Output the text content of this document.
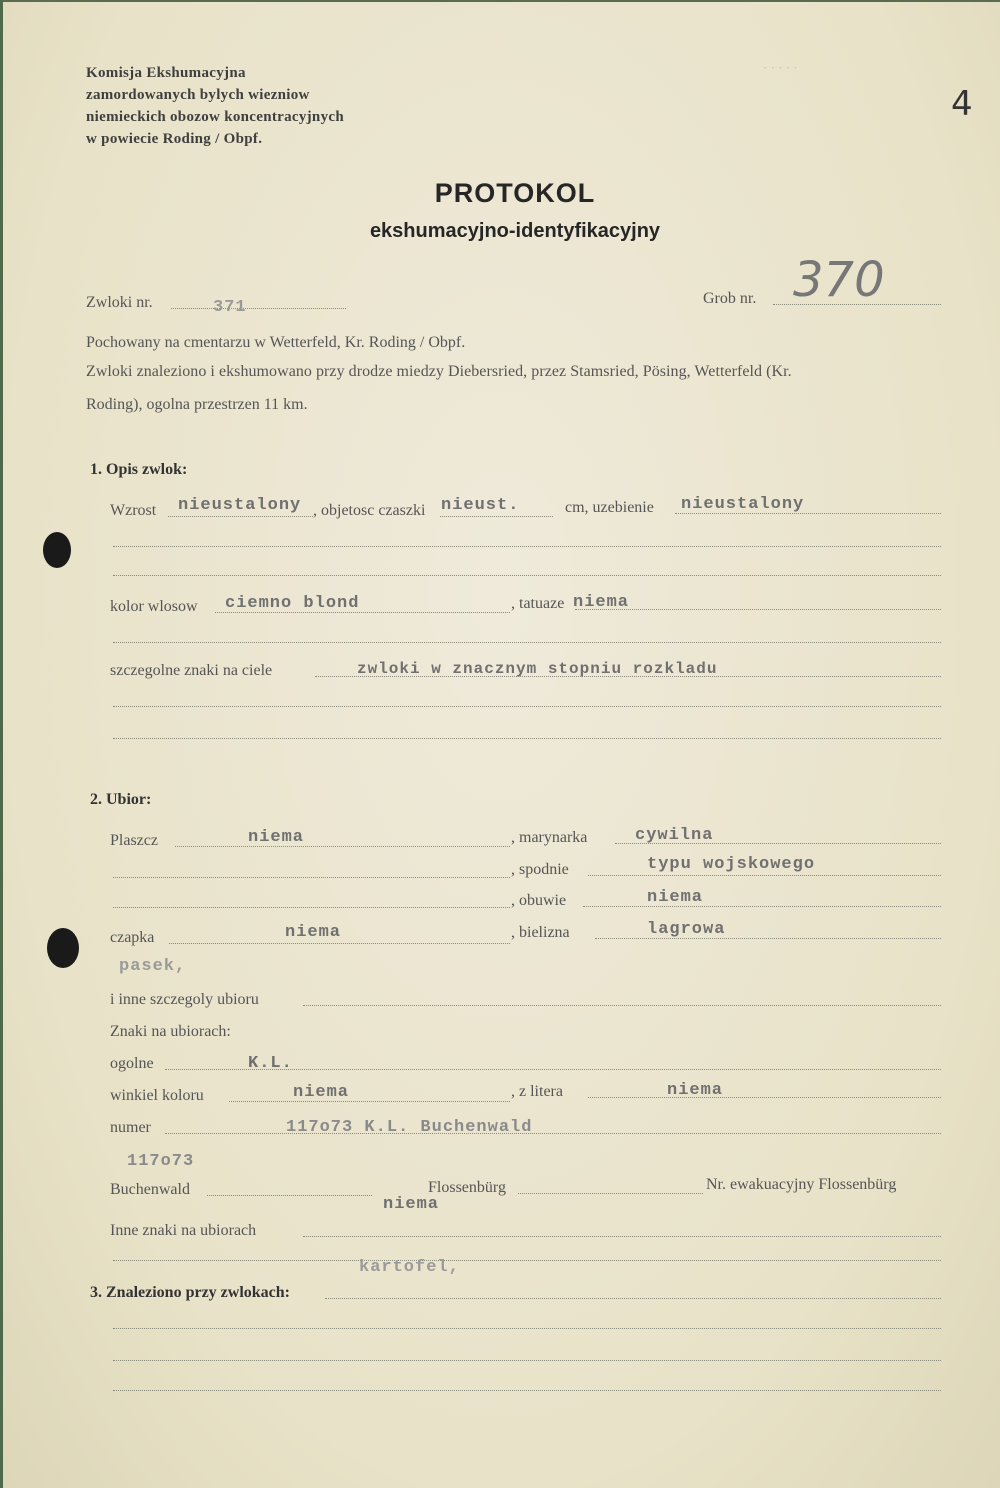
Komisja Ekshumacyjna
zamordowanych bylych wiezniow
niemieckich obozow koncentracyjnych
w powiecie Roding / Obpf.
4
PROTOKOL
ekshumacyjno-identyfikacyjny
Zwloki nr.	371	Grob nr. 370
Pochowany na cmentarzu w Wetterfeld, Kr. Roding / Obpf.
Zwloki znaleziono i ekshumowano przy drodze miedzy Diebersried, przez Stamsried, Pösing, Wetterfeld (Kr.
Roding), ogolna przestrzen 11 km.
· · · · ·
1. Opis zwlok:
Wzrost nieustalony , objetosc czaszki nieust.	cm, uzebienie nieustalony
kolor wlosow ciemno blond	, tatuaze niema
szczegolne znaki na ciele	zwloki w znacznym stopniu rozkladu
2. Ubior:
Plaszcz	niema	, marynarka	cywilna
, spodnie	typu wojskowego
, obuwie	niema
czapka	niema	, bielizna	lagrowa
pasek,
i inne szczegoly ubioru
Znaki na ubiorach:
ogolne	K.L.
winkiel koloru	niema	, z litera	niema
numer	117o73 K.L. Buchenwald
117o73
Buchenwald	Flossenbürg
niema
Nr. ewakuacyjny Flossenbürg
Inne znaki na ubiorach
kartofel,
3. Znaleziono przy zwlokach:
